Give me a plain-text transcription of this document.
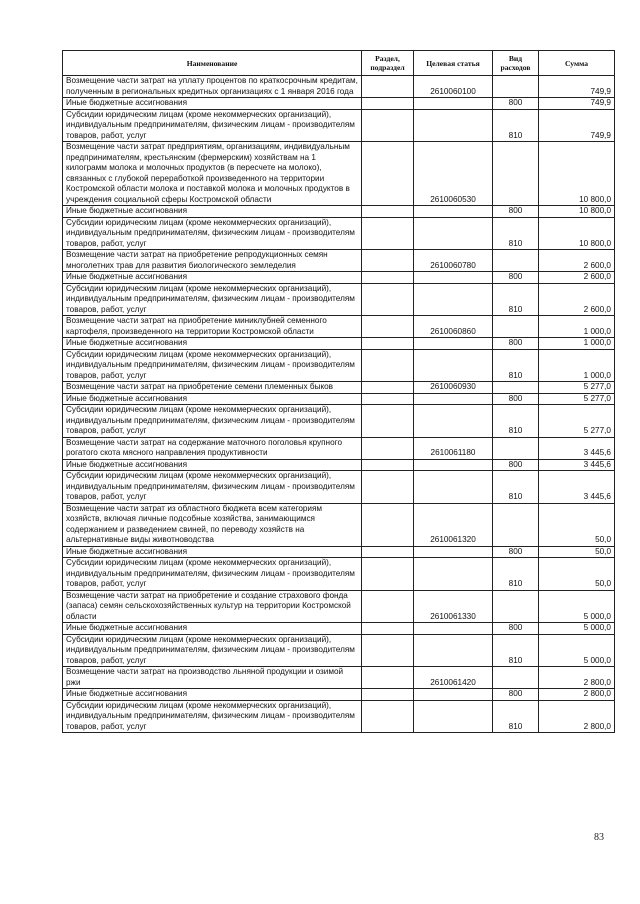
Наименование	Раздел, подраздел	Целевая статья	Вид расходов	Сумма
Возмещение части затрат на уплату процентов по краткосрочным кредитам, полученным в региональных кредитных организациях с 1 января 2016 года		2610060100		749,9
Иные бюджетные ассигнования			800	749,9
Субсидии юридическим лицам (кроме некоммерческих организаций), индивидуальным предпринимателям, физическим лицам - производителям товаров, работ, услуг			810	749,9
Возмещение части затрат предприятиям, организациям, индивидуальным предпринимателям, крестьянским (фермерским) хозяйствам на 1 килограмм молока и молочных продуктов (в пересчете на молоко), связанных с глубокой переработкой произведенного на территории Костромской области молока и поставкой молока и молочных продуктов в учреждения социальной сферы Костромской области		2610060530		10 800,0
Иные бюджетные ассигнования			800	10 800,0
Субсидии юридическим лицам (кроме некоммерческих организаций), индивидуальным предпринимателям, физическим лицам - производителям товаров, работ, услуг			810	10 800,0
Возмещение части затрат на приобретение репродукционных семян многолетних трав для развития биологического земледелия		2610060780		2 600,0
Иные бюджетные ассигнования			800	2 600,0
Субсидии юридическим лицам (кроме некоммерческих организаций), индивидуальным предпринимателям, физическим лицам - производителям товаров, работ, услуг			810	2 600,0
Возмещение части затрат на приобретение миниклубней семенного картофеля, произведенного на территории Костромской области		2610060860		1 000,0
Иные бюджетные ассигнования			800	1 000,0
Субсидии юридическим лицам (кроме некоммерческих организаций), индивидуальным предпринимателям, физическим лицам - производителям товаров, работ, услуг			810	1 000,0
Возмещение части затрат на приобретение семени племенных быков		2610060930		5 277,0
Иные бюджетные ассигнования			800	5 277,0
Субсидии юридическим лицам (кроме некоммерческих организаций), индивидуальным предпринимателям, физическим лицам - производителям товаров, работ, услуг			810	5 277,0
Возмещение части затрат на содержание маточного поголовья крупного рогатого скота мясного направления продуктивности		2610061180		3 445,6
Иные бюджетные ассигнования			800	3 445,6
Субсидии юридическим лицам (кроме некоммерческих организаций), индивидуальным предпринимателям, физическим лицам - производителям товаров, работ, услуг			810	3 445,6
Возмещение части затрат из областного бюджета всем категориям хозяйств, включая личные подсобные хозяйства, занимающимся содержанием и разведением свиней, по переводу хозяйств на альтернативные виды животноводства		2610061320		50,0
Иные бюджетные ассигнования			800	50,0
Субсидии юридическим лицам (кроме некоммерческих организаций), индивидуальным предпринимателям, физическим лицам - производителям товаров, работ, услуг			810	50,0
Возмещение части затрат на приобретение и создание страхового фонда (запаса) семян сельскохозяйственных культур на территории Костромской области		2610061330		5 000,0
Иные бюджетные ассигнования			800	5 000,0
Субсидии юридическим лицам (кроме некоммерческих организаций), индивидуальным предпринимателям, физическим лицам - производителям товаров, работ, услуг			810	5 000,0
Возмещение части затрат на производство льняной продукции и озимой ржи		2610061420		2 800,0
Иные бюджетные ассигнования			800	2 800,0
Субсидии юридическим лицам (кроме некоммерческих организаций), индивидуальным предпринимателям, физическим лицам - производителям товаров, работ, услуг			810	2 800,0
83
